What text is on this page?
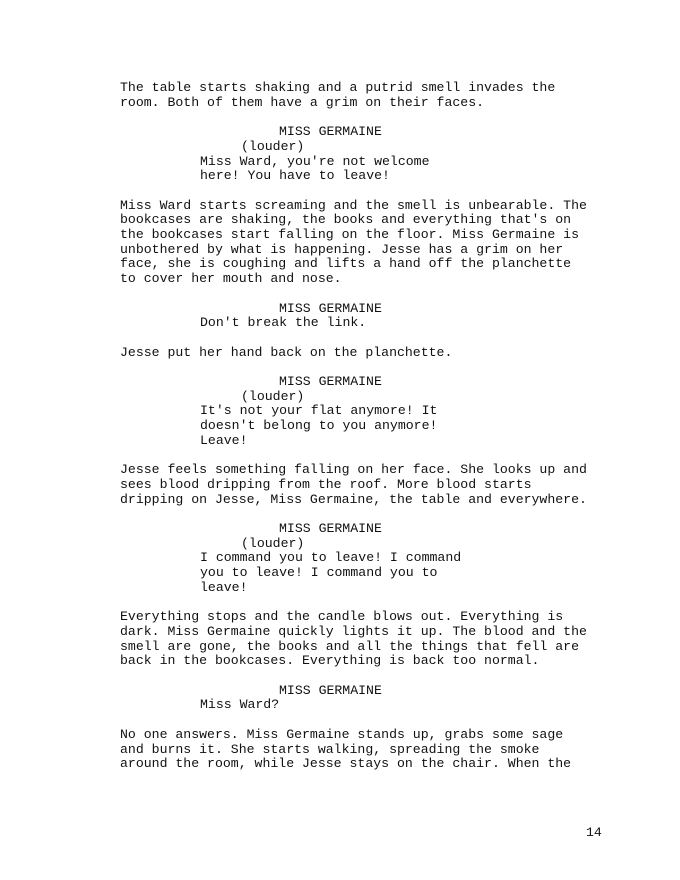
14
The table starts shaking and a putrid smell invades the
room. Both of them have a grim on their faces.
MISS GERMAINE
(louder)
Miss Ward, you're not welcome
here! You have to leave!
Miss Ward starts screaming and the smell is unbearable. The
bookcases are shaking, the books and everything that's on
the bookcases start falling on the floor. Miss Germaine is
unbothered by what is happening. Jesse has a grim on her
face, she is coughing and lifts a hand off the planchette
to cover her mouth and nose.
MISS GERMAINE
Don't break the link.
Jesse put her hand back on the planchette.
MISS GERMAINE
(louder)
It's not your flat anymore! It
doesn't belong to you anymore!
Leave!
Jesse feels something falling on her face. She looks up and
sees blood dripping from the roof. More blood starts
dripping on Jesse, Miss Germaine, the table and everywhere.
MISS GERMAINE
(louder)
I command you to leave! I command
you to leave! I command you to
leave!
Everything stops and the candle blows out. Everything is
dark. Miss Germaine quickly lights it up. The blood and the
smell are gone, the books and all the things that fell are
back in the bookcases. Everything is back too normal.
MISS GERMAINE
Miss Ward?
No one answers. Miss Germaine stands up, grabs some sage
and burns it. She starts walking, spreading the smoke
around the room, while Jesse stays on the chair. When the
